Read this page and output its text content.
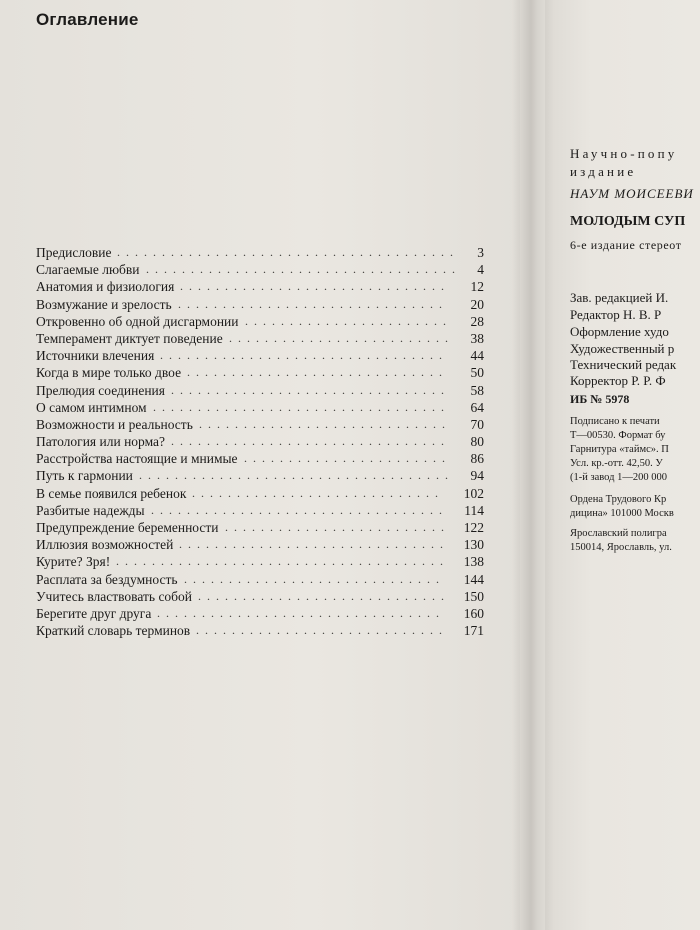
Оглавление
Предисловие ...................................... 3
Слагаемые любви ................................... 4
Анатомия и физиология ..............................	12
Возмужание и зрелость ..............................	20
Откровенно об одной дисгармонии ....................... 28
Темперамент диктует поведение ......................... 38
Источники влечения ................................	44
Когда в мире только двое .............................	50
Прелюдия соединения ...............................	58
О самом интимном .................................	64
Возможности и реальность ............................	70
Патология или норма? ...............................	80
Расстройства настоящие и мнимые .......................	86
Путь к гармонии ................................... 94
В семье появился ребенок ............................	102
Разбитые надежды ................................. 114
Предупреждение беременности ......................... 122
Иллюзия возможностей .............................. 130
Курите? Зря! ..................................... 138
Расплата за бездумность .............................	144
Учитесь властвовать собой ............................ 150
Берегите друг друга ................................	160
Краткий словарь терминов ............................ 171
Научно-попу
издание
НАУМ МОИСЕЕВИ
МОЛОДЫМ СУП
6-е издание стереот
Зав. редакцией И.
Редактор Н. В. Р
Оформление худо
Художественный р
Технический редак
Корректор Р. Р. Ф
ИБ № 5978
Подписано к печати
Т—00530. Формат бу
Гарнитура «таймс». П
Усл. кр.-отт. 42,50. У
(1-й завод 1—200 000
Ордена Трудового Кр
дицина» 101000 Москв
Ярославский полигра
150014, Ярославль, ул.
